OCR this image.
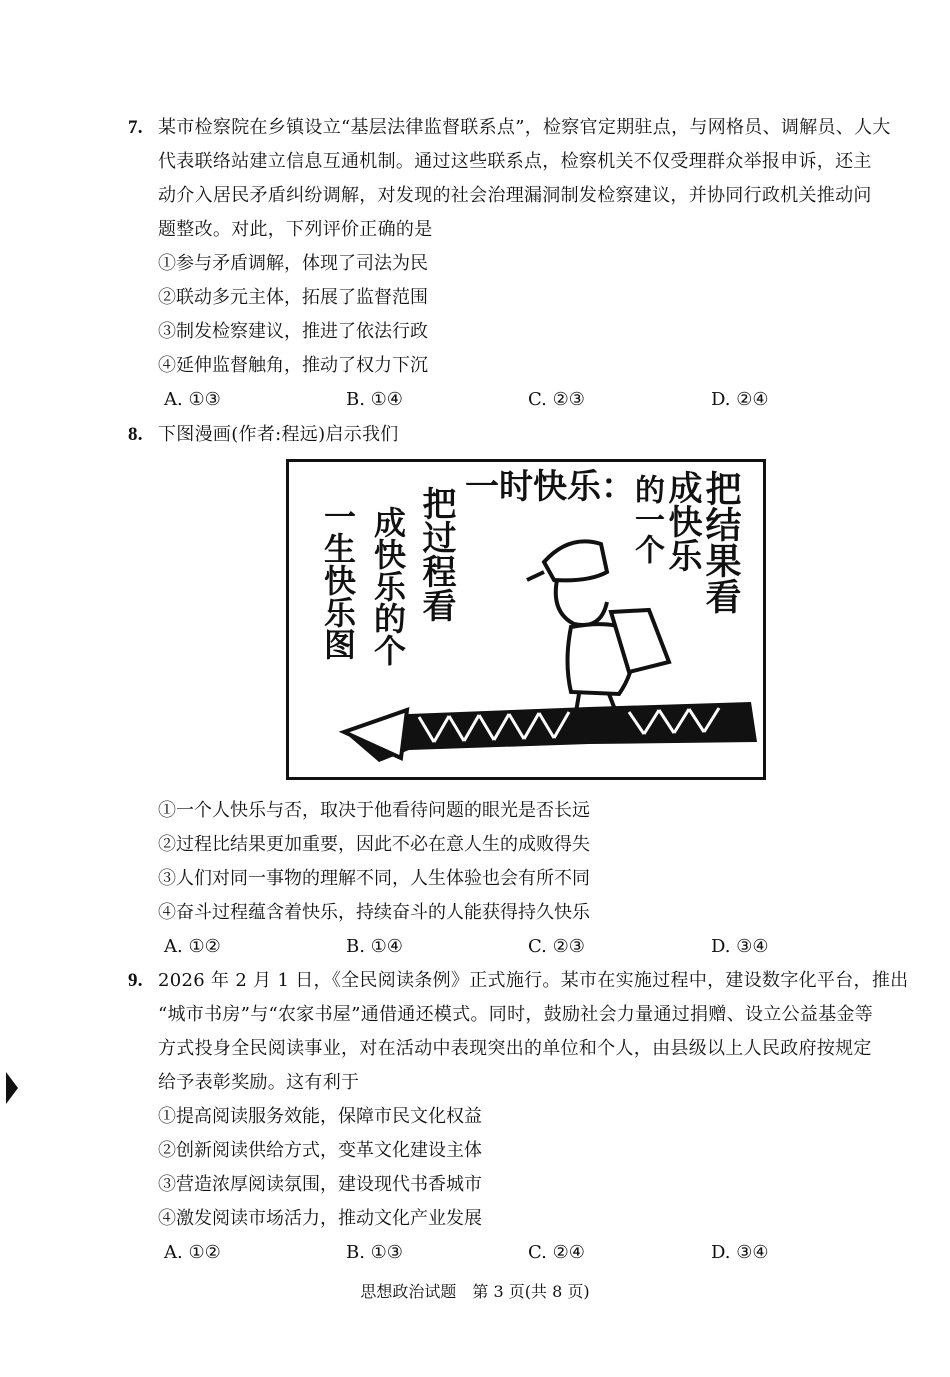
7. 某市检察院在乡镇设立“基层法律监督联系点”，检察官定期驻点，与网格员、调解员、人大
代表联络站建立信息互通机制。通过这些联系点，检察机关不仅受理群众举报申诉，还主
动介入居民矛盾纠纷调解，对发现的社会治理漏洞制发检察建议，并协同行政机关推动问
题整改。对此，下列评价正确的是
①参与矛盾调解，体现了司法为民
②联动多元主体，拓展了监督范围
③制发检察建议，推进了依法行政
④延伸监督触角，推动了权力下沉
A. ①③	B. ①④	C. ②③	D. ②④
8. 下图漫画(作者:程远)启示我们
把结果看
成快乐
的一个
一时快乐：
把过程看
成快乐的个
一生快乐图
①一个人快乐与否，取决于他看待问题的眼光是否长远
②过程比结果更加重要，因此不必在意人生的成败得失
③人们对同一事物的理解不同，人生体验也会有所不同
④奋斗过程蕴含着快乐，持续奋斗的人能获得持久快乐
A. ①②	B. ①④	C. ②③	D. ③④
9. 2026 年 2 月 1 日，《全民阅读条例》正式施行。某市在实施过程中，建设数字化平台，推出
“城市书房”与“农家书屋”通借通还模式。同时，鼓励社会力量通过捐赠、设立公益基金等
方式投身全民阅读事业，对在活动中表现突出的单位和个人，由县级以上人民政府按规定
给予表彰奖励。这有利于
①提高阅读服务效能，保障市民文化权益
②创新阅读供给方式，变革文化建设主体
③营造浓厚阅读氛围，建设现代书香城市
④激发阅读市场活力，推动文化产业发展
A. ①②	B. ①③	C. ②④	D. ③④
思想政治试题　第 3 页(共 8 页)
